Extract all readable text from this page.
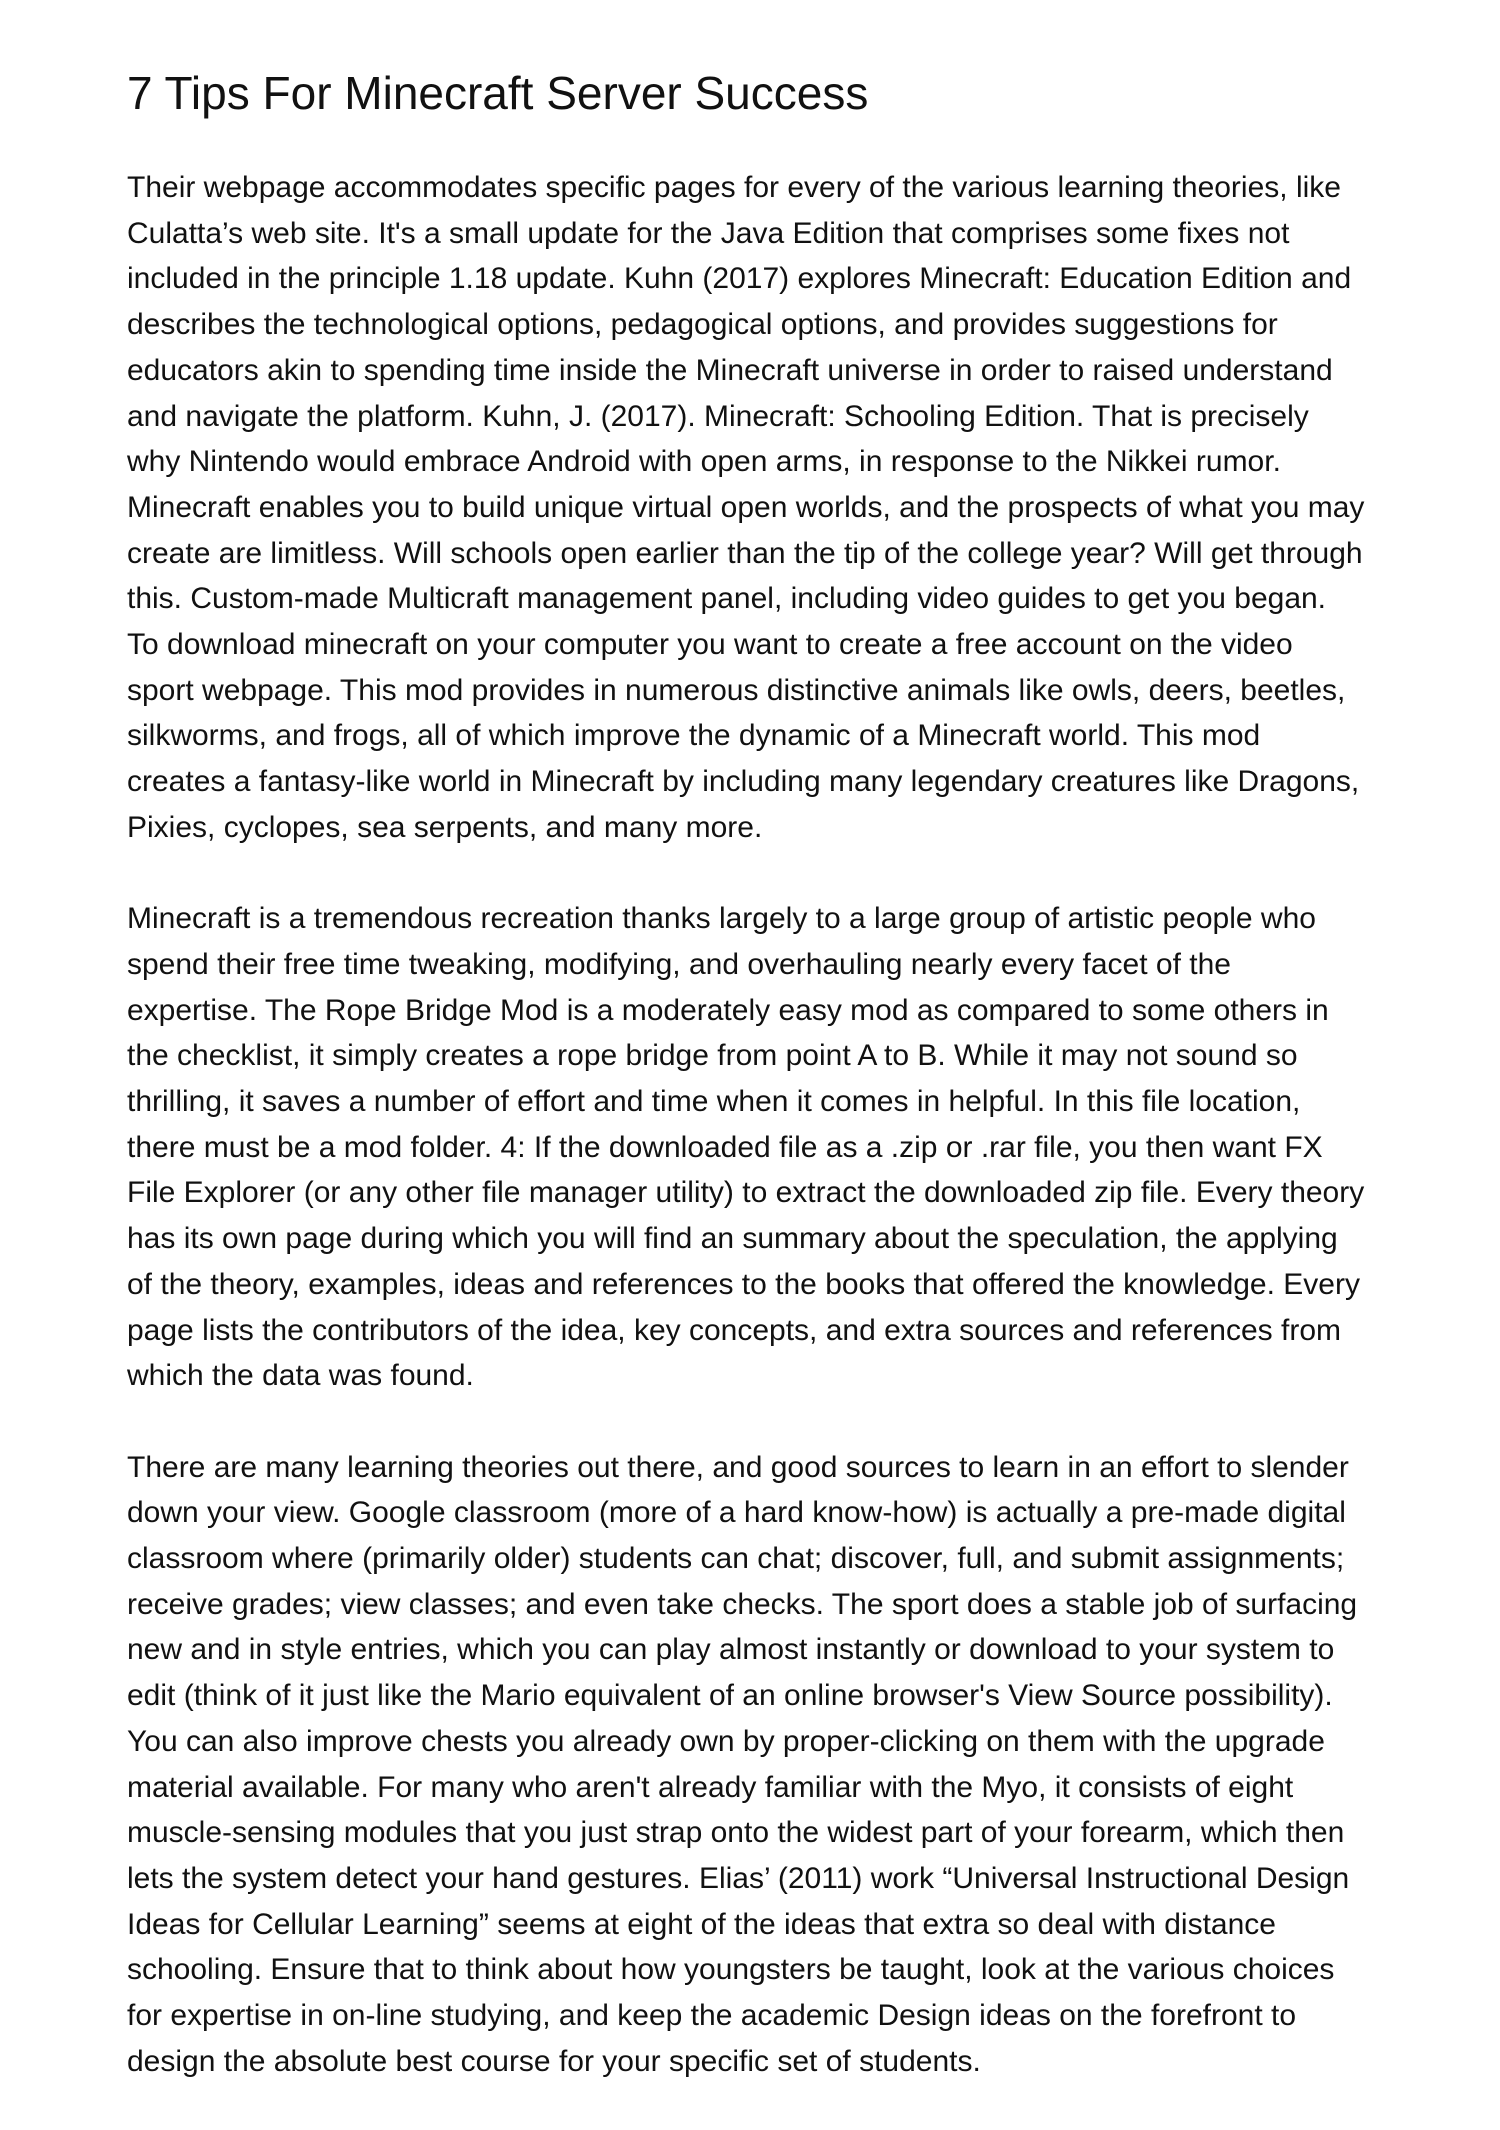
7 Tips For Minecraft Server Success

Their webpage accommodates specific pages for every of the various learning theories, like
Culatta’s web site. It's a small update for the Java Edition that comprises some fixes not
included in the principle 1.18 update. Kuhn (2017) explores Minecraft: Education Edition and
describes the technological options, pedagogical options, and provides suggestions for
educators akin to spending time inside the Minecraft universe in order to raised understand
and navigate the platform. Kuhn, J. (2017). Minecraft: Schooling Edition. That is precisely
why Nintendo would embrace Android with open arms, in response to the Nikkei rumor.
Minecraft enables you to build unique virtual open worlds, and the prospects of what you may
create are limitless. Will schools open earlier than the tip of the college year? Will get through
this. Custom-made Multicraft management panel, including video guides to get you began.
To download minecraft on your computer you want to create a free account on the video
sport webpage. This mod provides in numerous distinctive animals like owls, deers, beetles,
silkworms, and frogs, all of which improve the dynamic of a Minecraft world. This mod
creates a fantasy-like world in Minecraft by including many legendary creatures like Dragons,
Pixies, cyclopes, sea serpents, and many more.

Minecraft is a tremendous recreation thanks largely to a large group of artistic people who
spend their free time tweaking, modifying, and overhauling nearly every facet of the
expertise. The Rope Bridge Mod is a moderately easy mod as compared to some others in
the checklist, it simply creates a rope bridge from point A to B. While it may not sound so
thrilling, it saves a number of effort and time when it comes in helpful. In this file location,
there must be a mod folder. 4: If the downloaded file as a .zip or .rar file, you then want FX
File Explorer (or any other file manager utility) to extract the downloaded zip file. Every theory
has its own page during which you will find an summary about the speculation, the applying
of the theory, examples, ideas and references to the books that offered the knowledge. Every
page lists the contributors of the idea, key concepts, and extra sources and references from
which the data was found.

There are many learning theories out there, and good sources to learn in an effort to slender
down your view. Google classroom (more of a hard know-how) is actually a pre-made digital
classroom where (primarily older) students can chat; discover, full, and submit assignments;
receive grades; view classes; and even take checks. The sport does a stable job of surfacing
new and in style entries, which you can play almost instantly or download to your system to
edit (think of it just like the Mario equivalent of an online browser's View Source possibility).
You can also improve chests you already own by proper-clicking on them with the upgrade
material available. For many who aren't already familiar with the Myo, it consists of eight
muscle-sensing modules that you just strap onto the widest part of your forearm, which then
lets the system detect your hand gestures. Elias’ (2011) work “Universal Instructional Design
Ideas for Cellular Learning” seems at eight of the ideas that extra so deal with distance
schooling. Ensure that to think about how youngsters be taught, look at the various choices
for expertise in on-line studying, and keep the academic Design ideas on the forefront to
design the absolute best course for your specific set of students.
